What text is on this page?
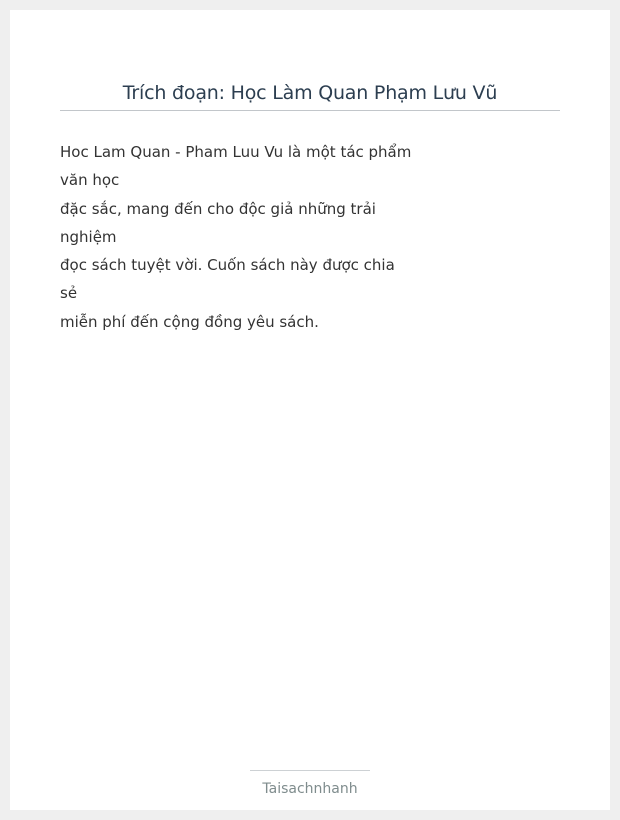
Trích đoạn: Học Làm Quan Phạm Lưu Vũ
Hoc Lam Quan - Pham Luu Vu là một tác phẩm
văn học
đặc sắc, mang đến cho độc giả những trải
nghiệm
đọc sách tuyệt vời. Cuốn sách này được chia
sẻ
miễn phí đến cộng đồng yêu sách.
Taisachnhanh
